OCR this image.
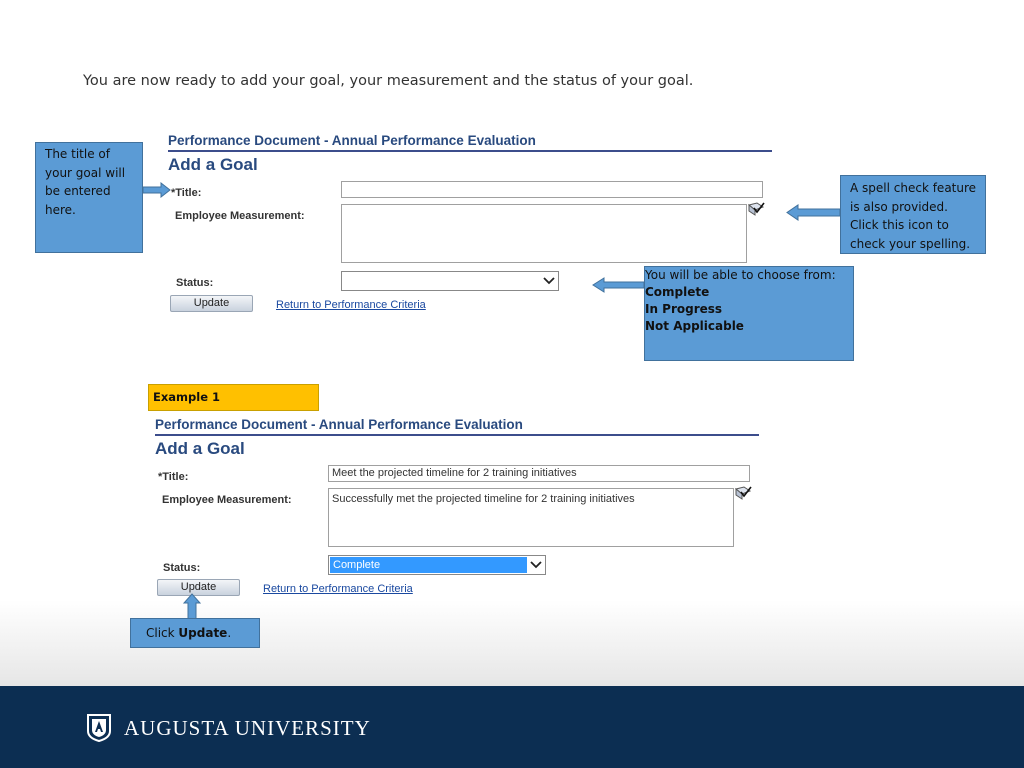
You are now ready to add your goal, your measurement and the status of your goal.
The title of
your goal will
be entered
here.
A spell check feature
is also provided.
Click this icon to
check your spelling.
You will be able to choose from:
Complete
In Progress
Not Applicable
Performance Document - Annual Performance Evaluation
Add a Goal
*Title:
Employee Measurement:
Status:
Update	Return to Performance Criteria
Example 1
Performance Document - Annual Performance Evaluation
Add a Goal
*Title:	Meet the projected timeline for 2 training initiatives
Employee Measurement:	Successfully met the projected timeline for 2 training initiatives
Status:	Complete
Update	Return to Performance Criteria
Click Update.
AUGUSTA UNIVERSITY
